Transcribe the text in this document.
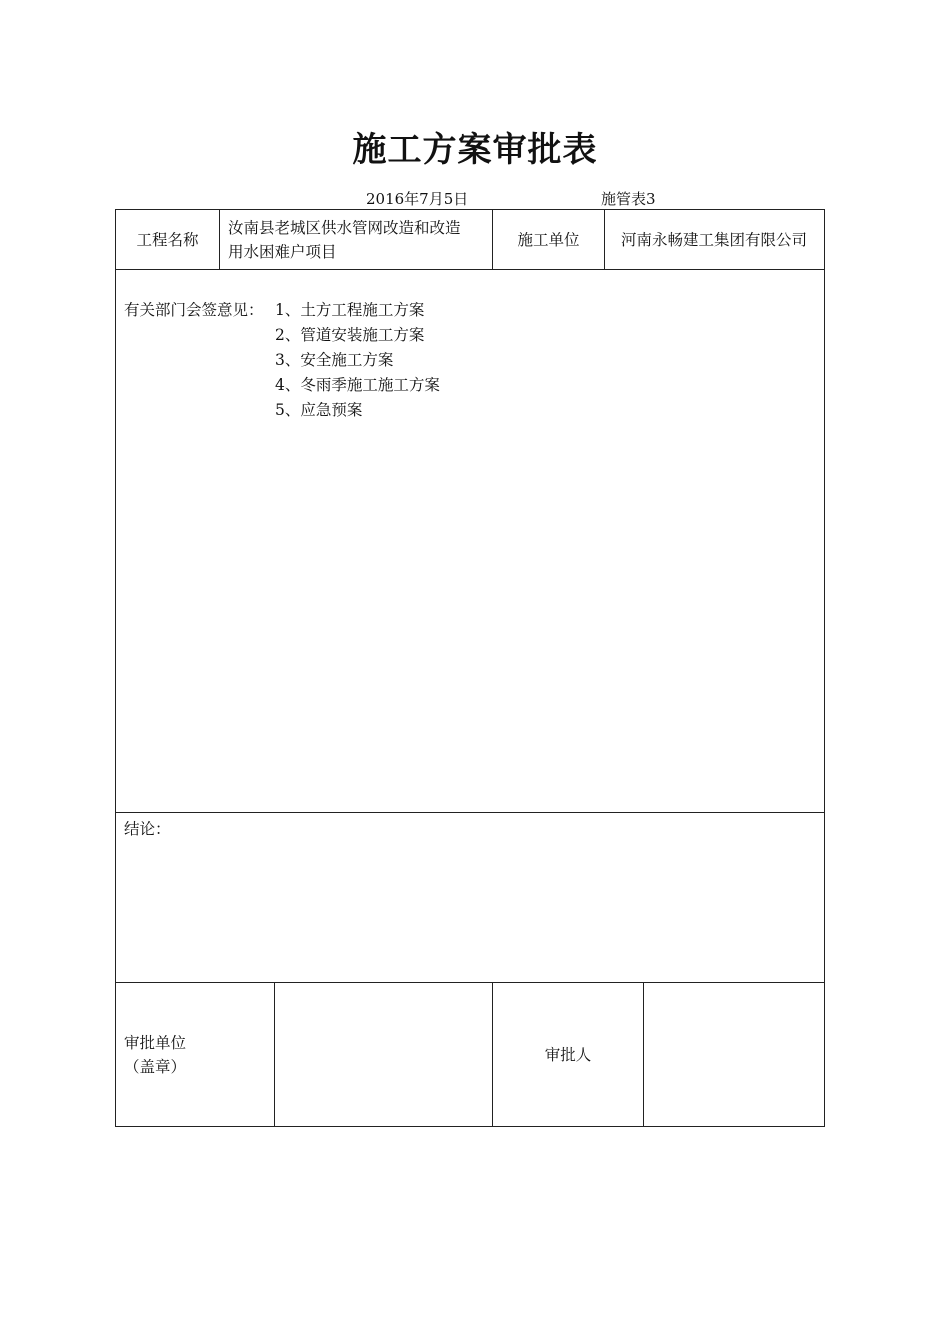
施工方案审批表
2016年7月5日	施管表3
工程名称
汝南县老城区供水管网改造和改造
用水困难户项目
施工单位	河南永畅建工集团有限公司
有关部门会签意见： 1、土方工程施工方案
2、管道安装施工方案
3、安全施工方案
4、冬雨季施工施工方案
5、应急预案
结论：
审批单位
（盖章）
审批人
